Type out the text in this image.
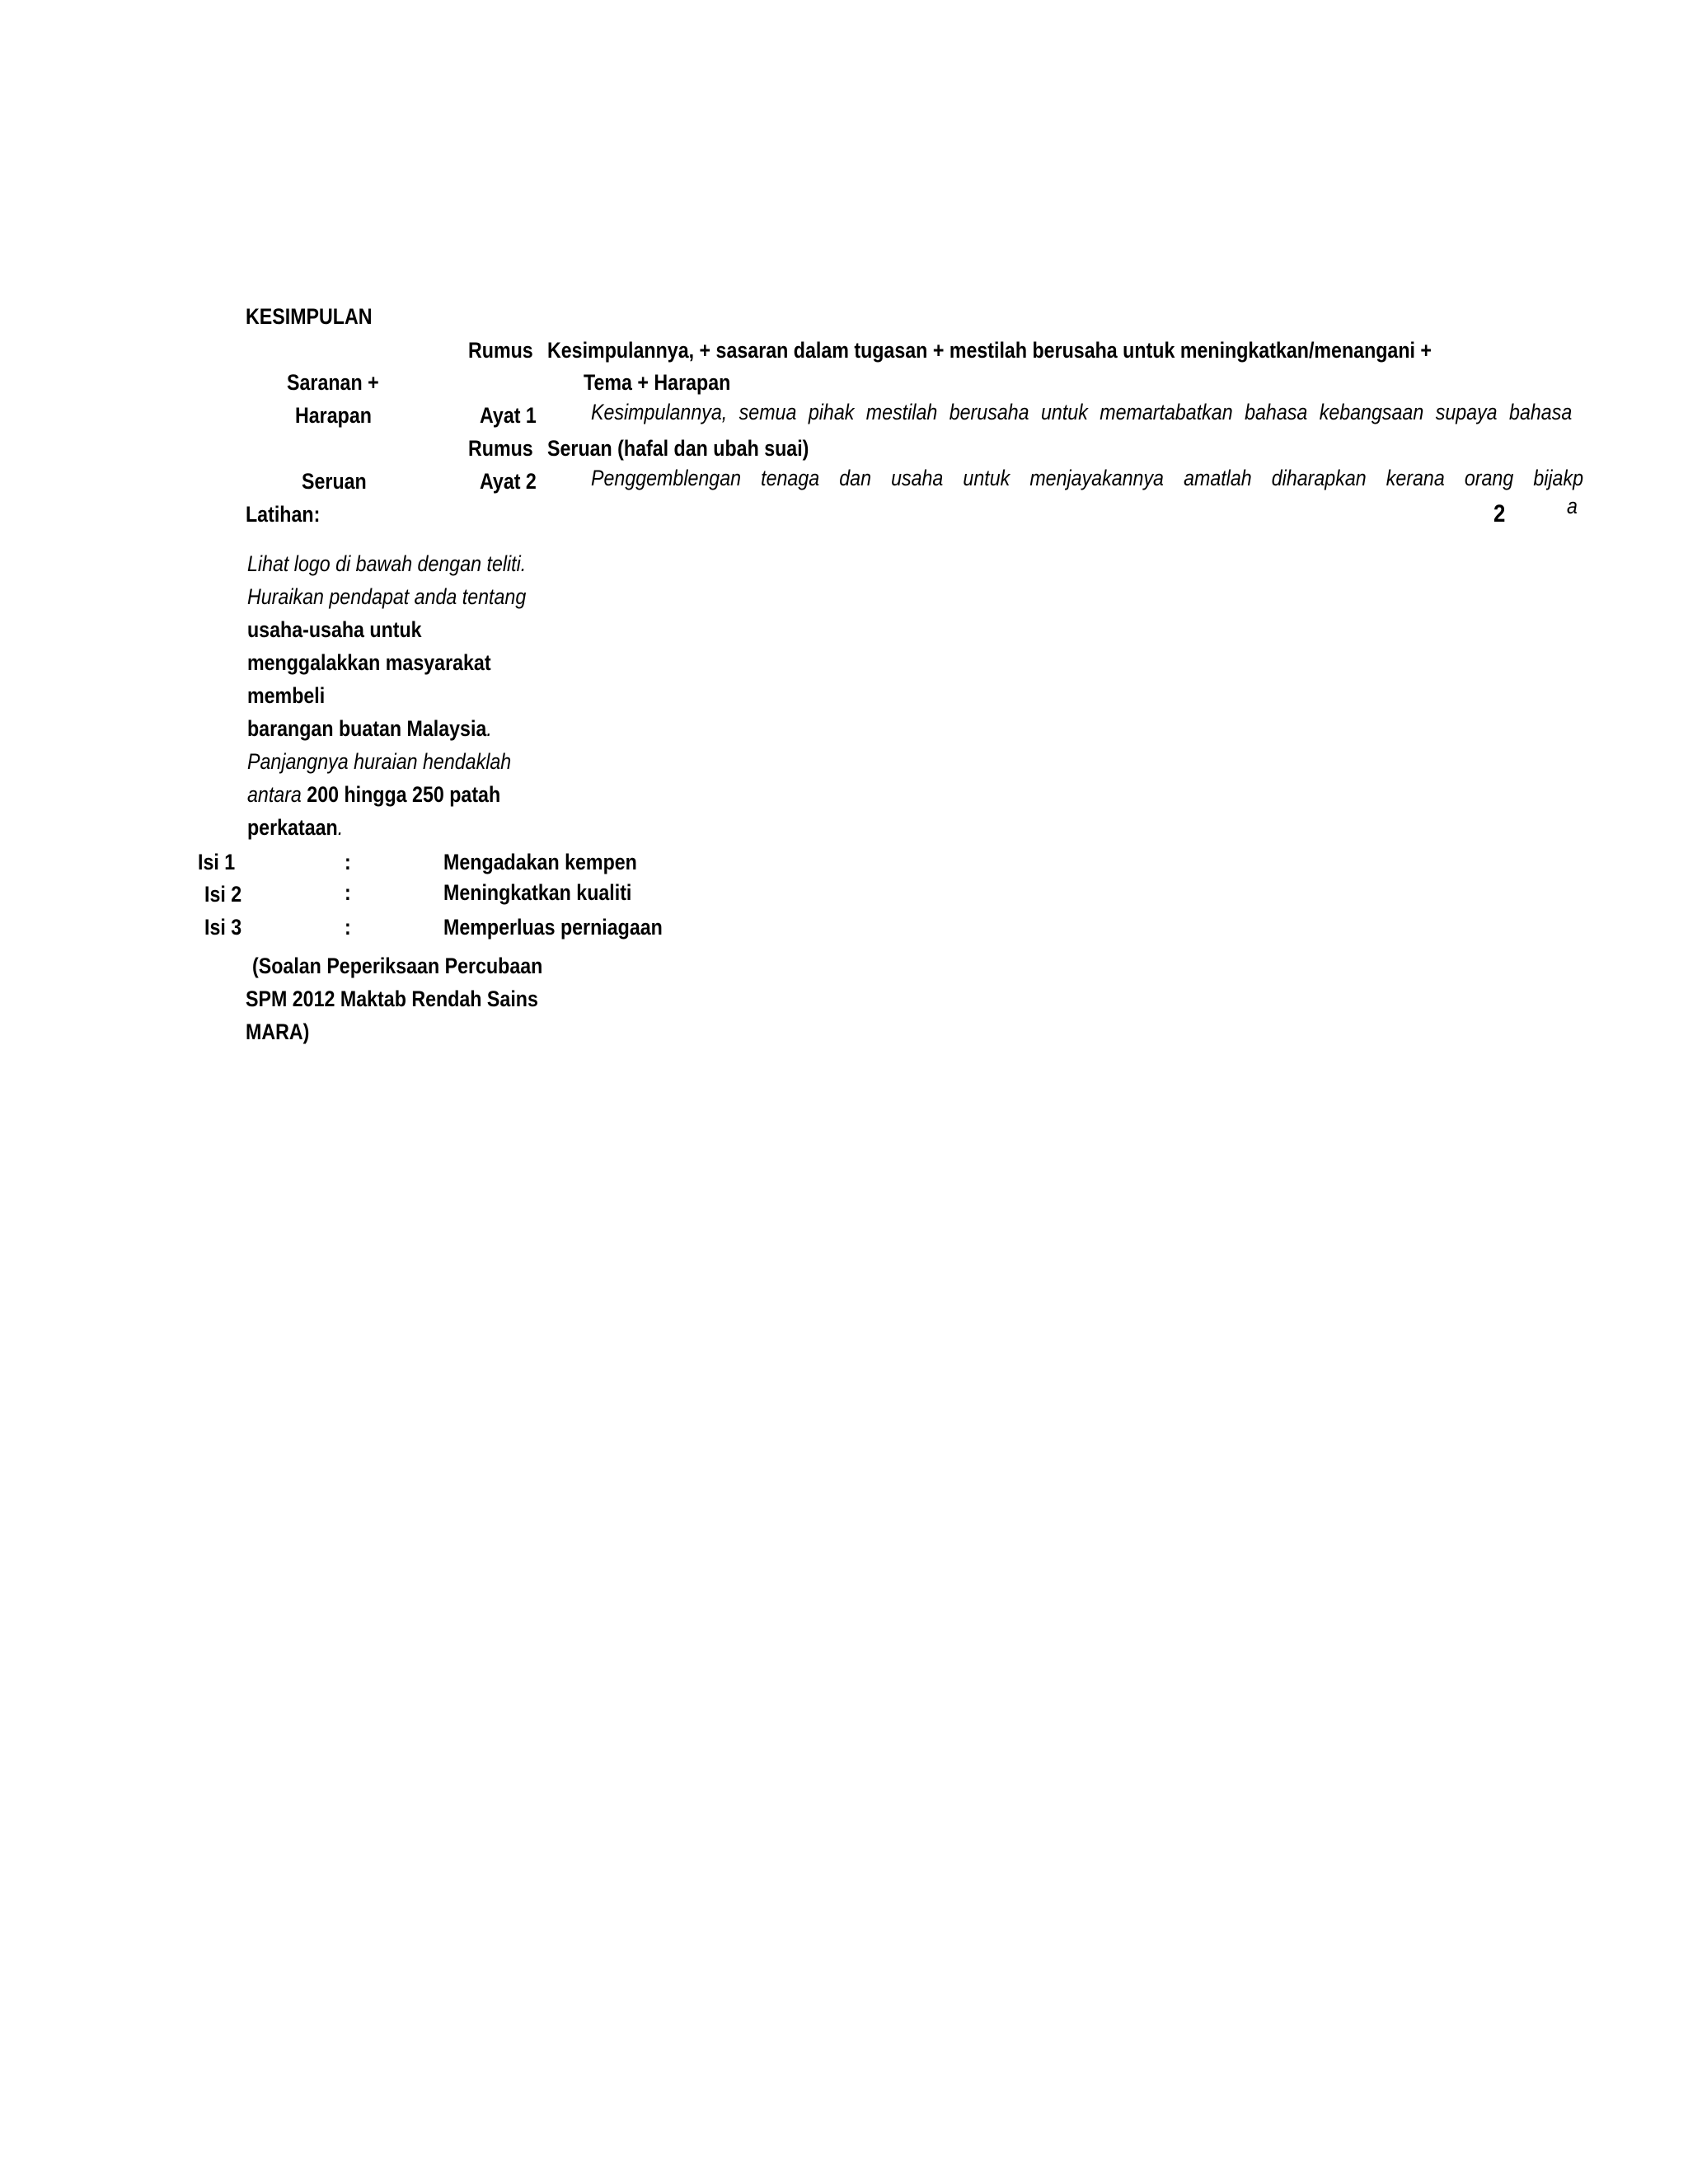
KESIMPULAN
Rumus Kesimpulannya, + sasaran dalam tugasan + mestilah berusaha untuk meningkatkan/menangani +
Tema + Harapan
Saranan +
Harapan	Ayat 1 Kesimpulannya, semua pihak mestilah berusaha untuk memartabatkan bahasa kebangsaan supaya bahasa
Rumus Seruan (hafal dan ubah suai)
Seruan	Ayat 2 Penggemblengan tenaga dan usaha untuk menjayakannya amatlah diharapkan kerana orang bijakp
a
Latihan:	2
Lihat logo di bawah dengan teliti.
Huraikan pendapat anda tentang
usaha-usaha untuk
menggalakkan masyarakat
membeli
barangan buatan Malaysia.
Panjangnya huraian hendaklah
antara 200 hingga 250 patah
perkataan.
Isi 1	:	Mengadakan kempen
Isi 2	:	Meningkatkan kualiti
Isi 3	:	Memperluas perniagaan
(Soalan Peperiksaan Percubaan
SPM 2012 Maktab Rendah Sains
MARA)
